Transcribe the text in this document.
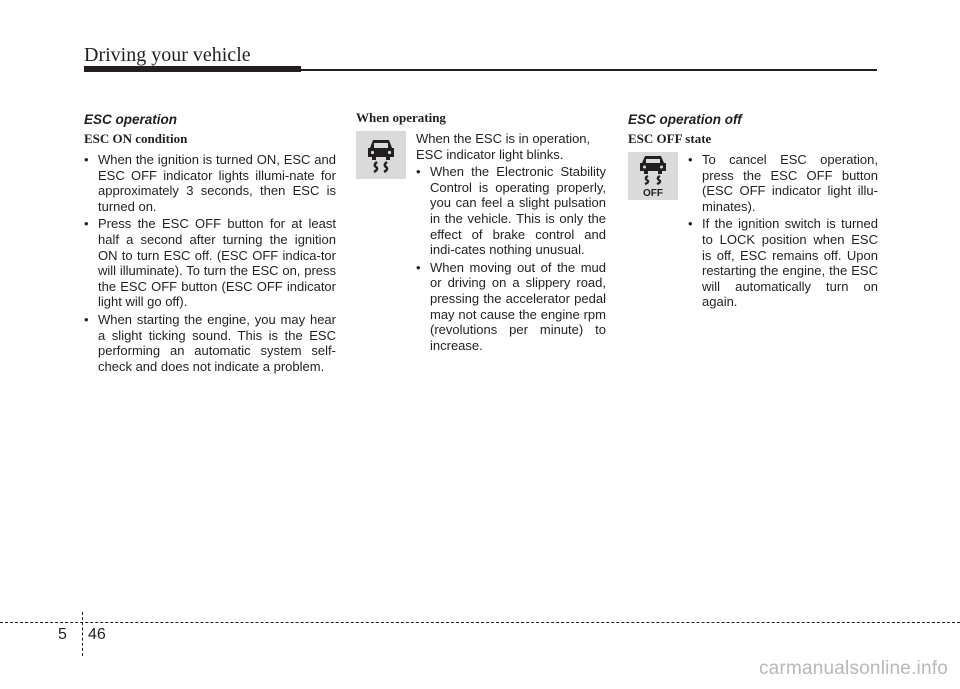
Driving your vehicle
ESC operation
ESC ON condition
• When the ignition is turned ON, ESC and ESC OFF indicator lights illumi-nate for approximately 3 seconds, then ESC is turned on.
• Press the ESC OFF button for at least half a second after turning the ignition ON to turn ESC off. (ESC OFF indica-tor will illuminate). To turn the ESC on, press the ESC OFF button (ESC OFF indicator light will go off).
• When starting the engine, you may hear a slight ticking sound. This is the ESC performing an automatic system self-check and does not indicate a problem.
When operating
When the ESC is in operation, ESC indicator light blinks.
• When the Electronic Stability Control is operating properly, you can feel a slight pulsation in the vehicle. This is only the effect of brake control and indi-cates nothing unusual.
• When moving out of the mud or driving on a slippery road, pressing the accelerator pedal may not cause the engine rpm (revolutions per minute) to increase.
ESC operation off
ESC OFF state
OFF
• To cancel ESC operation, press the ESC OFF button (ESC OFF indicator light illu-minates).
• If the ignition switch is turned to LOCK position when ESC is off, ESC remains off. Upon restarting the engine, the ESC will automatically turn on again.
5 46
carmanualsonline.info
